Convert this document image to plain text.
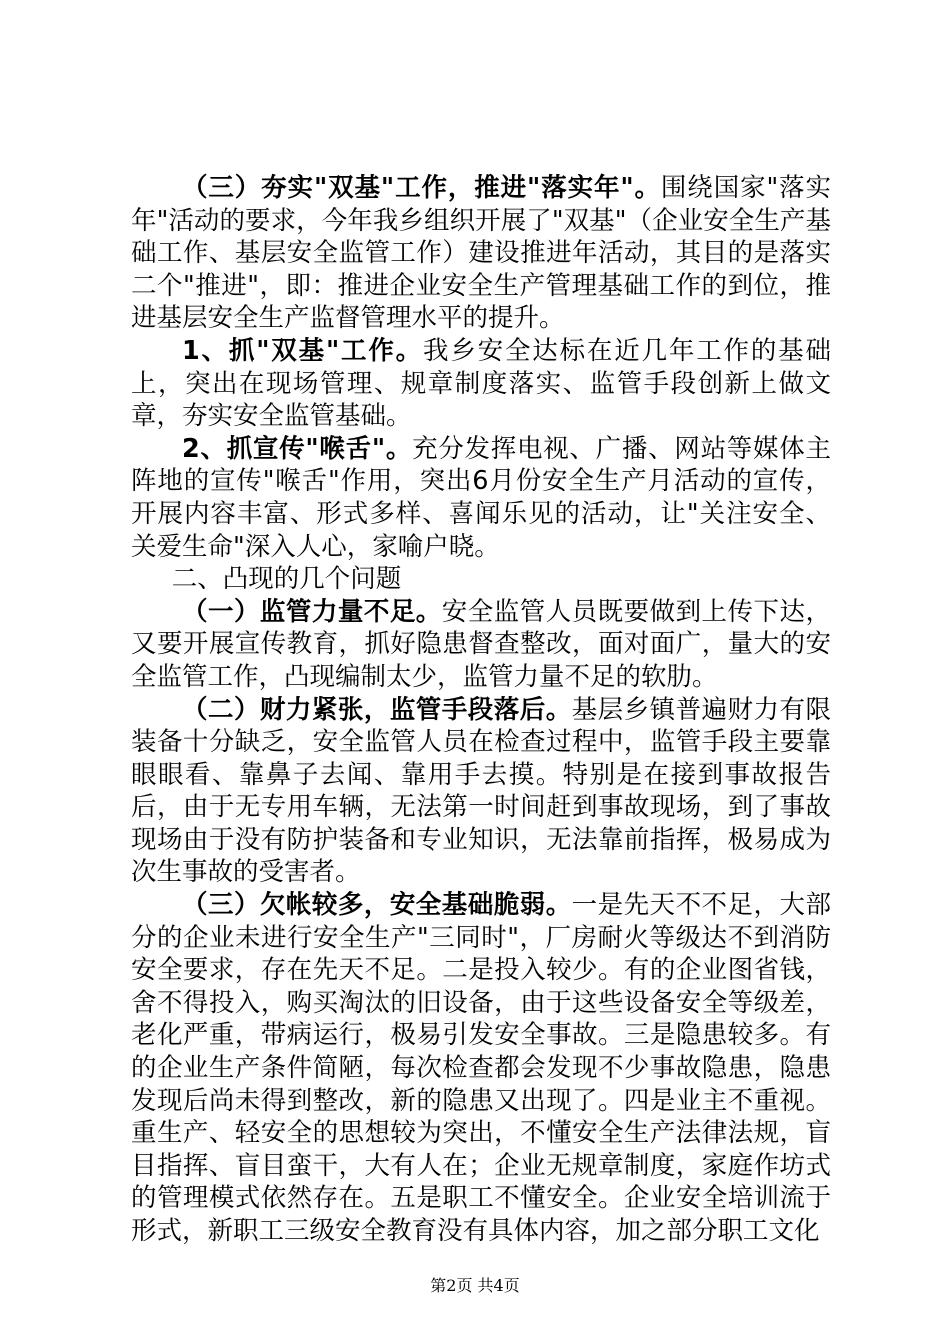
（三）夯实"双基"工作，推进"落实年"。围绕国家"落实年"活动的要求，今年我乡组织开展了"双基"（企业安全生产基础工作、基层安全监管工作）建设推进年活动，其目的是落实二个"推进"，即：推进企业安全生产管理基础工作的到位，推进基层安全生产监督管理水平的提升。

1、抓"双基"工作。我乡安全达标在近几年工作的基础上，突出在现场管理、规章制度落实、监管手段创新上做文章，夯实安全监管基础。

2、抓宣传"喉舌"。充分发挥电视、广播、网站等媒体主阵地的宣传"喉舌"作用，突出6月份安全生产月活动的宣传，开展内容丰富、形式多样、喜闻乐见的活动，让"关注安全、关爱生命"深入人心，家喻户晓。

二、凸现的几个问题

（一）监管力量不足。安全监管人员既要做到上传下达，又要开展宣传教育，抓好隐患督查整改，面对面广，量大的安全监管工作，凸现编制太少，监管力量不足的软肋。

（二）财力紧张，监管手段落后。基层乡镇普遍财力有限装备十分缺乏，安全监管人员在检查过程中，监管手段主要靠眼眼看、靠鼻子去闻、靠用手去摸。特别是在接到事故报告后，由于无专用车辆，无法第一时间赶到事故现场，到了事故现场由于没有防护装备和专业知识，无法靠前指挥，极易成为次生事故的受害者。

（三）欠帐较多，安全基础脆弱。一是先天不不足，大部分的企业未进行安全生产"三同时"，厂房耐火等级达不到消防安全要求，存在先天不足。二是投入较少。有的企业图省钱，舍不得投入，购买淘汰的旧设备，由于这些设备安全等级差，老化严重，带病运行，极易引发安全事故。三是隐患较多。有的企业生产条件简陋，每次检查都会发现不少事故隐患，隐患发现后尚未得到整改，新的隐患又出现了。四是业主不重视。重生产、轻安全的思想较为突出，不懂安全生产法律法规，盲目指挥、盲目蛮干，大有人在；企业无规章制度，家庭作坊式的管理模式依然存在。五是职工不懂安全。企业安全培训流于形式，新职工三级安全教育没有具体内容，加之部分职工文化

第2页 共4页
